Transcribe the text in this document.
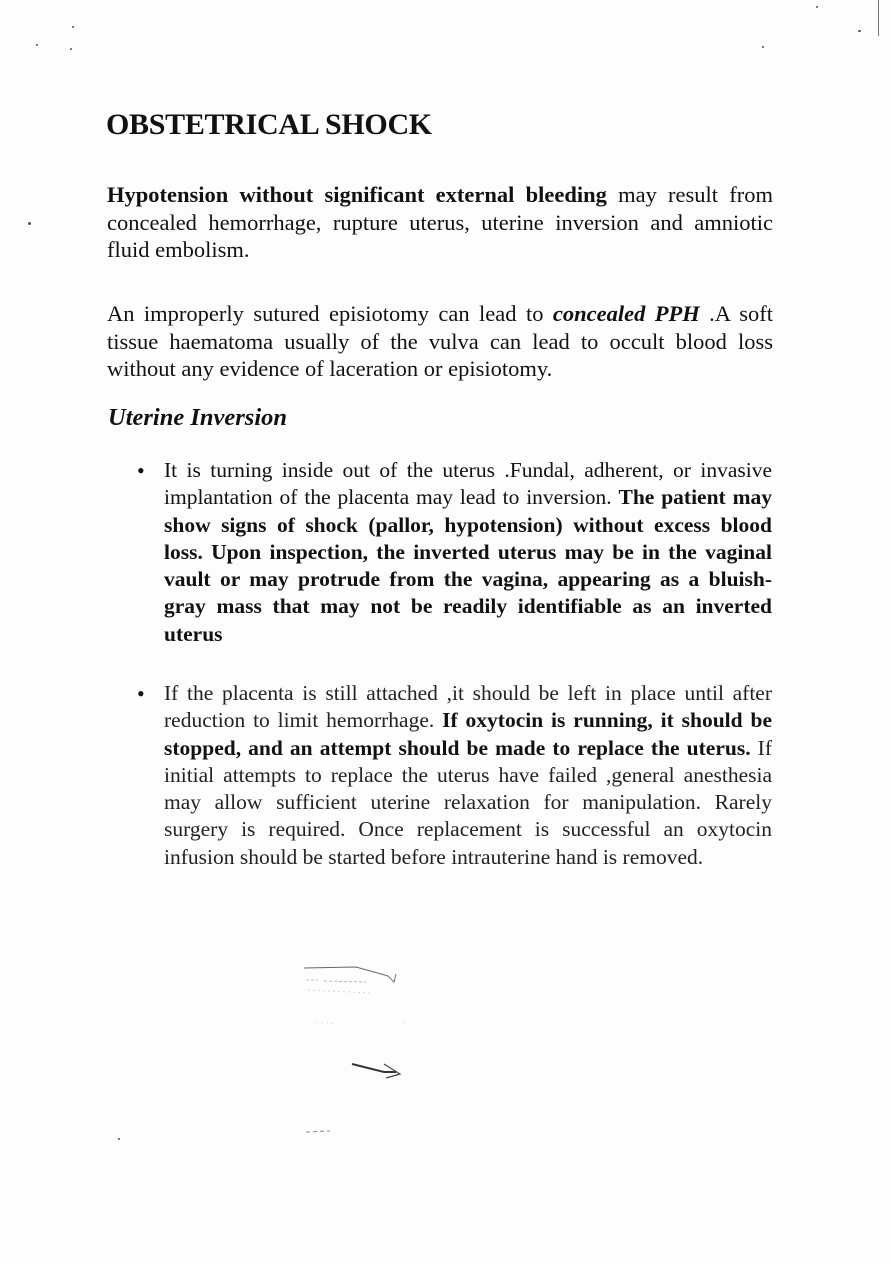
OBSTETRICAL SHOCK

Hypotension without significant external bleeding may result from concealed hemorrhage, rupture uterus, uterine inversion and amniotic fluid embolism.

An improperly sutured episiotomy can lead to concealed PPH .A soft tissue haematoma usually of the vulva can lead to occult blood loss without any evidence of laceration or episiotomy.

Uterine Inversion
• It is turning inside out of the uterus .Fundal, adherent, or invasive implantation of the placenta may lead to inversion. The patient may show signs of shock (pallor, hypotension) without excess blood loss. Upon inspection, the inverted uterus may be in the vaginal vault or may protrude from the vagina, appearing as a bluish-gray mass that may not be readily identifiable as an inverted uterus

• If the placenta is still attached ,it should be left in place until after reduction to limit hemorrhage. If oxytocin is running, it should be stopped, and an attempt should be made to replace the uterus. If initial attempts to replace the uterus have failed ,general anesthesia may allow sufficient uterine relaxation for manipulation. Rarely surgery is required. Once replacement is successful an oxytocin infusion should be started before intrauterine hand is removed.
